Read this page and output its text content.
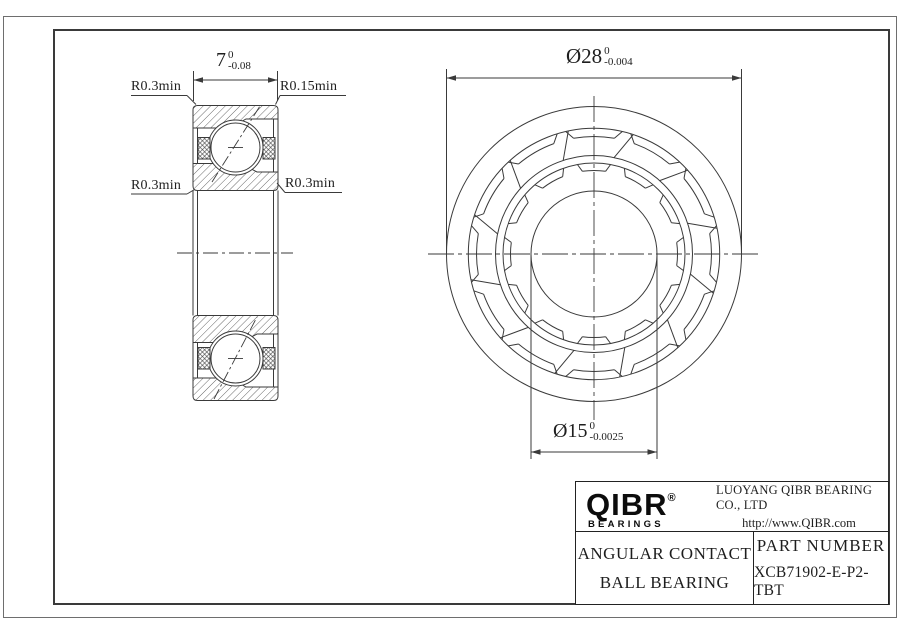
R0.3min	R0.15min
R0.3min	R0.3min
7 0
-0.08	Ø28 0
-0.004
Ø15 0
-0.0025
QIBR®
BEARINGS
LUOYANG QIBR BEARING CO., LTD
http://www.QIBR.com
ANGULAR CONTACT
BALL BEARING
PART NUMBER
XCB71902-E-P2-TBT
